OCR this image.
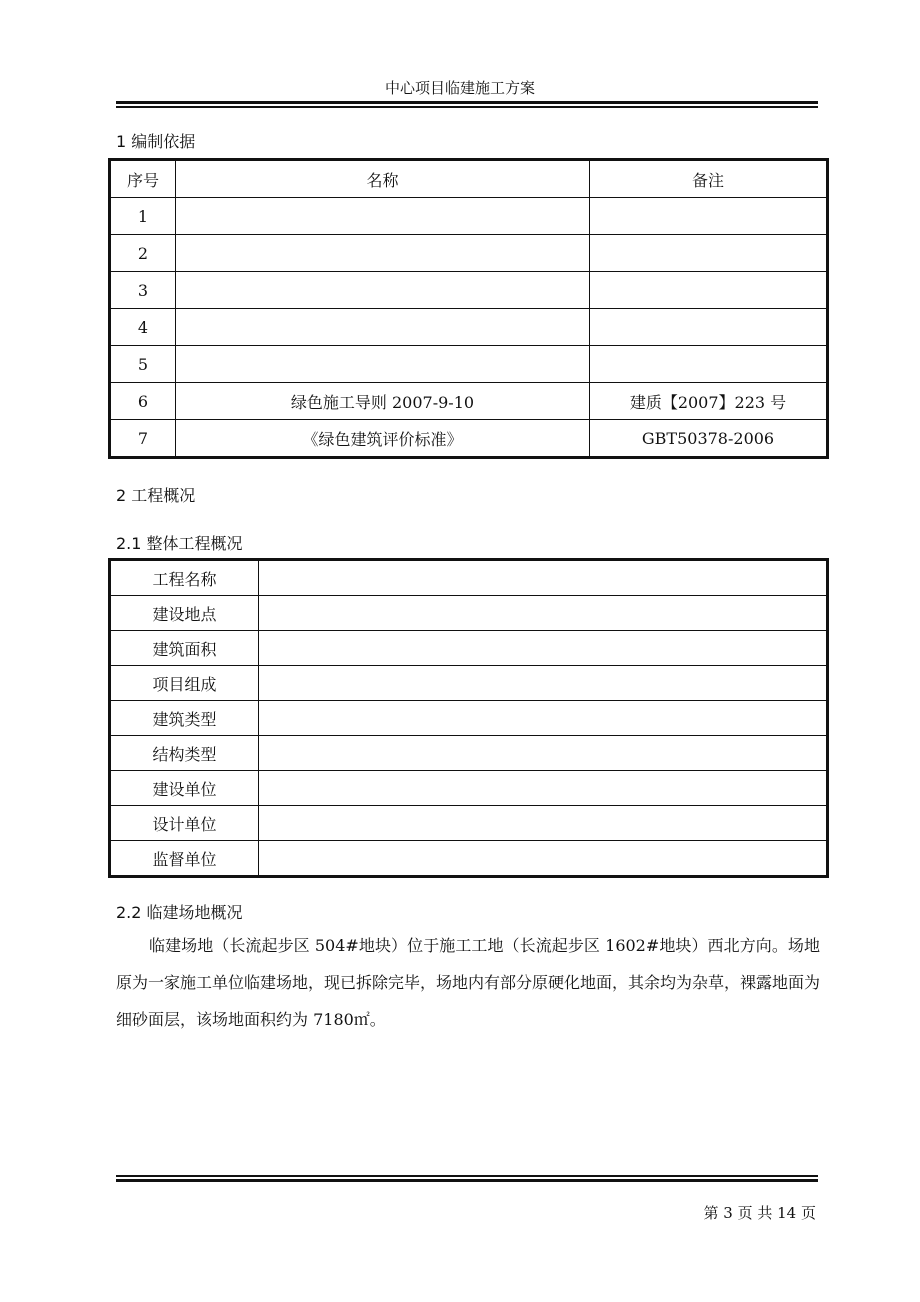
中心项目临建施工方案
1 编制依据
序号	名称	备注
1		
2		
3		
4		
5		
6	绿色施工导则 2007-9-10	建质【2007】223 号
7	《绿色建筑评价标准》	GBT50378-2006
2 工程概况
2.1 整体工程概况
工程名称	
建设地点	
建筑面积	
项目组成	
建筑类型	
结构类型	
建设单位	
设计单位	
监督单位	
2.2 临建场地概况
临建场地（长流起步区 504#地块）位于施工工地（长流起步区 1602#地块）西北方向。场地原为一家施工单位临建场地，现已拆除完毕，场地内有部分原硬化地面，其余均为杂草，裸露地面为细砂面层，该场地面积约为 7180㎡。
第 3 页 共 14 页
